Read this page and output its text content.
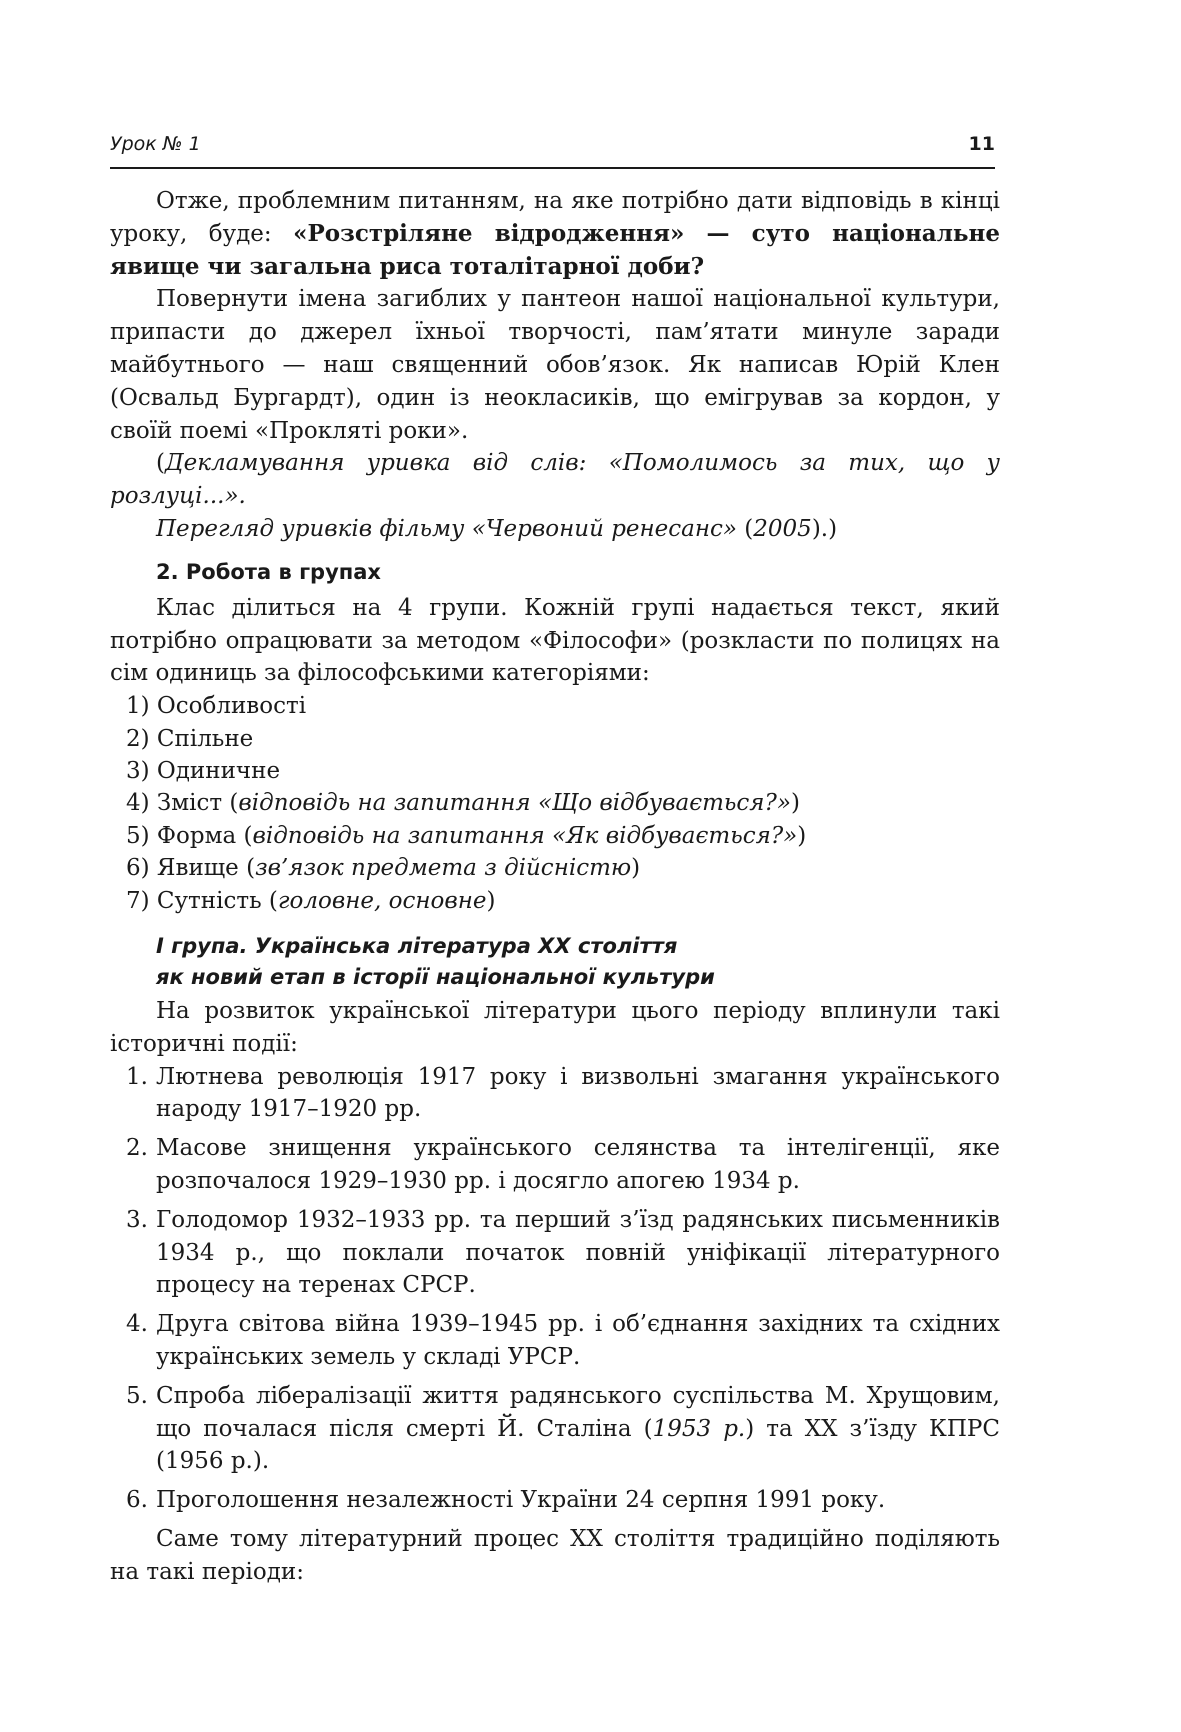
Урок № 1	11

Отже, проблемним питанням, на яке потрібно дати відповідь в кінці уроку, буде: «Розстріляне відродження» — суто національне явище чи загальна риса тоталітарної доби?

Повернути імена загиблих у пантеон нашої національної культури, припасти до джерел їхньої творчості, пам’ятати минуле заради майбутнього — наш священний обов’язок. Як написав Юрій Клен (Освальд Бургардт), один із неокласиків, що емігрував за кордон, у своїй поемі «Прокляті роки».

(Декламування уривка від слів: «Помолимось за тих, що у розлуці...».

Перегляд уривків фільму «Червоний ренесанс» (2005).)

2. Робота в групах

Клас ділиться на 4 групи. Кожній групі надається текст, який потрібно опрацювати за методом «Філософи» (розкласти по полицях на сім одиниць за філософськими категоріями:

1) Особливості
2) Спільне
3) Одиничне
4) Зміст (відповідь на запитання «Що відбувається?»)
5) Форма (відповідь на запитання «Як відбувається?»)
6) Явище (зв’язок предмета з дійсністю)
7) Сутність (головне, основне)
І група. Українська література ХХ століття
як новий етап в історії національної культури

На розвиток української літератури цього періоду вплинули такі історичні події:

1. Лютнева революція 1917 року і визвольні змагання українського народу 1917–1920 рр.
2. Масове знищення українського селянства та інтелігенції, яке розпочалося 1929–1930 рр. і досягло апогею 1934 р.
3. Голодомор 1932–1933 рр. та перший з’їзд радянських письменників 1934 р., що поклали початок повній уніфікації літературного процесу на теренах СРСР.
4. Друга світова війна 1939–1945 рр. і об’єднання західних та східних українських земель у складі УРСР.
5. Спроба лібералізації життя радянського суспільства М. Хрущовим, що почалася після смерті Й. Сталіна (1953 р.) та ХХ з’їзду КПРС (1956 р.).
6. Проголошення незалежності України 24 серпня 1991 року.

Саме тому літературний процес ХХ століття традиційно поділяють на такі періоди:
